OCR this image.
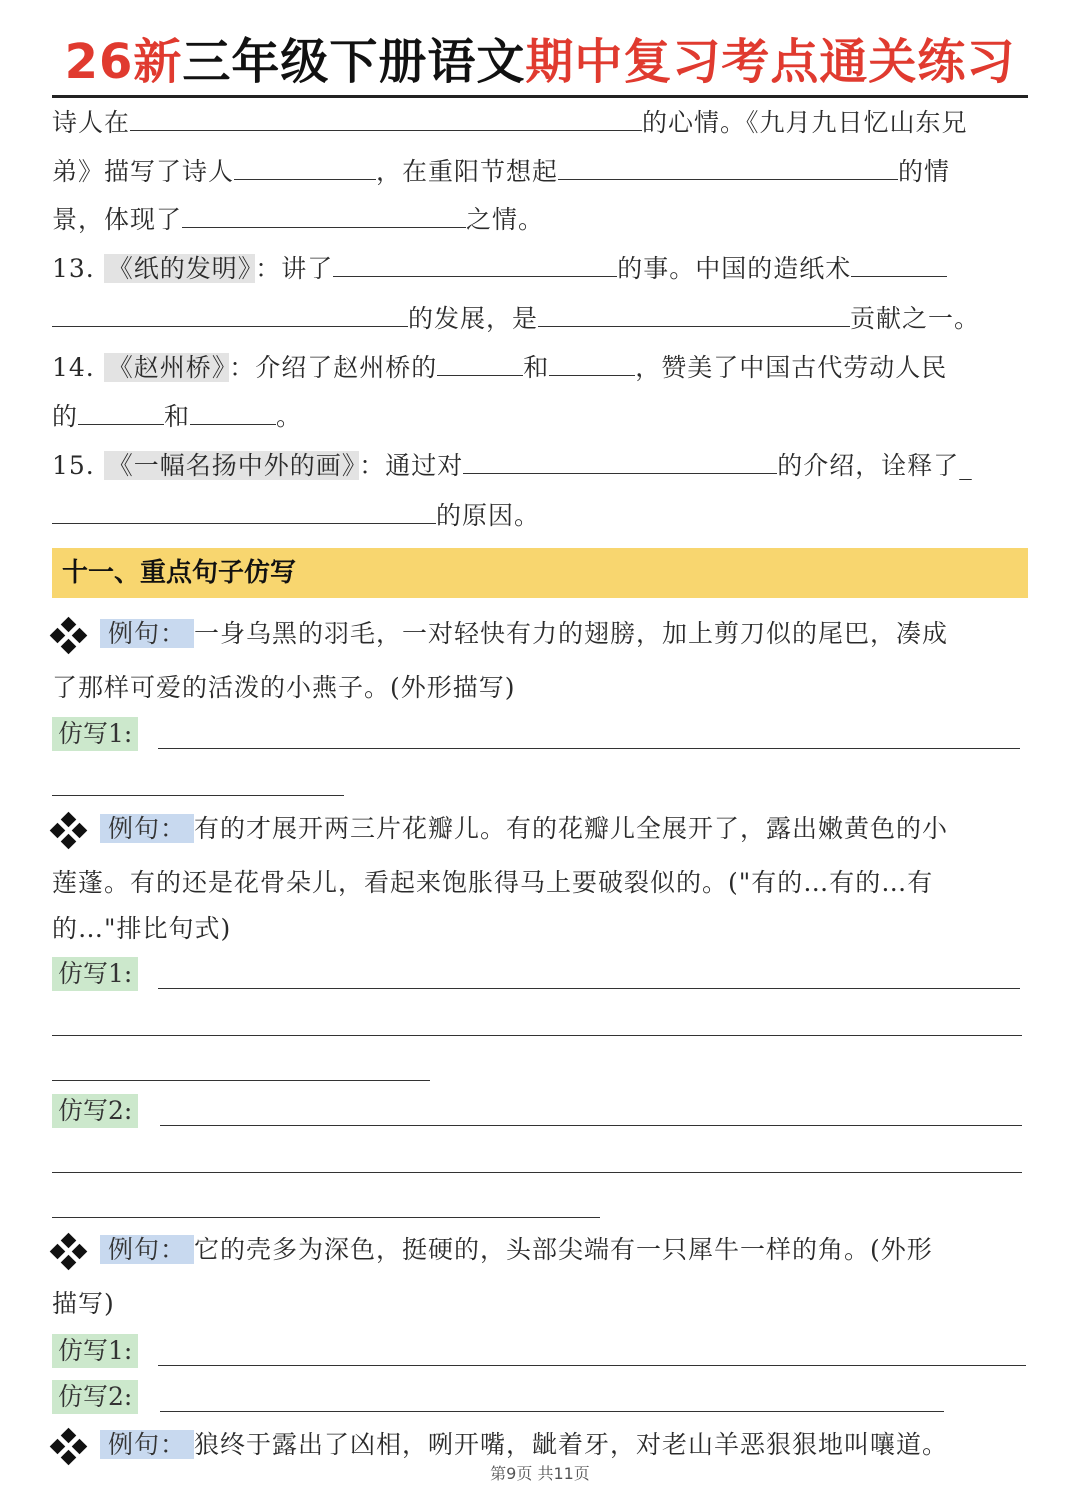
26新三年级下册语文期中复习考点通关练习
诗人在	的心情。《九月九日忆山东兄
弟》描写了诗人	，在重阳节想起	的情
景，体现了	之情。
13. 《纸的发明》 ：讲了	的事。中国的造纸术
的发展，是	贡献之一。
14. 《赵州桥》 ：介绍了赵州桥的	和	，赞美了中国古代劳动人民
的	和	。
15. 《一幅名扬中外的画》 ：通过对	的介绍，诠释了_
的原因。
十一、重点句子仿写
例句： 一身乌黑的羽毛，一对轻快有力的翅膀，加上剪刀似的尾巴，凑成
了那样可爱的活泼的小燕子。(外形描写)
仿写1:
例句： 有的才展开两三片花瓣儿。有的花瓣儿全展开了，露出嫩黄色的小
莲蓬。有的还是花骨朵儿，看起来饱胀得马上要破裂似的。("有的…有的…有
的…"排比句式)
仿写1:
仿写2:
例句： 它的壳多为深色，挺硬的，头部尖端有一只犀牛一样的角。(外形
描写)
仿写1:
仿写2:
例句： 狼终于露出了凶相，咧开嘴，龇着牙，对老山羊恶狠狠地叫嚷道。
第9页 共11页
